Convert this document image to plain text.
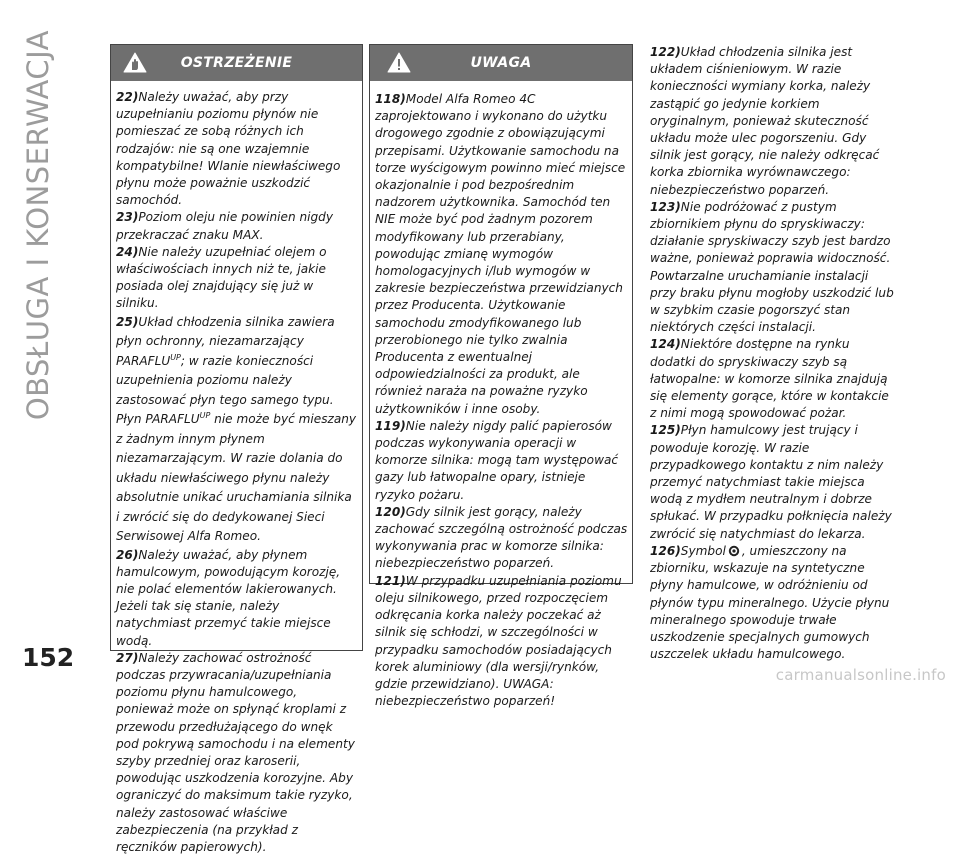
OBSŁUGA I KONSERWACJA	OSTRZEŻENIE

22)Należy uważać, aby przy uzupełnianiu poziomu płynów nie pomieszać ze sobą różnych ich rodzajów: nie są one wzajemnie kompatybilne! Wlanie niewłaściwego płynu może poważnie uszkodzić samochód.

23)Poziom oleju nie powinien nigdy przekraczać znaku MAX.

24)Nie należy uzupełniać olejem o właściwościach innych niż te, jakie posiada olej znajdujący się już w silniku.

25)Układ chłodzenia silnika zawiera płyn ochronny, niezamarzający $PARAFLU^{UP}$; w razie konieczności uzupełnienia poziomu należy zastosować płyn tego samego typu. Płyn $PARAFLU^{UP}$ nie może być mieszany z żadnym innym płynem niezamarzającym. W razie dolania do układu niewłaściwego płynu należy absolutnie unikać uruchamiania silnika i zwrócić się do dedykowanej Sieci Serwisowej Alfa Romeo.

26)Należy uważać, aby płynem hamulcowym, powodującym korozję, nie polać elementów lakierowanych. Jeżeli tak się stanie, należy natychmiast przemyć takie miejsce wodą.

27)Należy zachować ostrożność podczas przywracania/uzupełniania poziomu płynu hamulcowego, ponieważ może on spłynąć kroplami z przewodu przedłużającego do wnęk pod pokrywą samochodu i na elementy szyby przedniej oraz karoserii, powodując uszkodzenia korozyjne. Aby ograniczyć do maksimum takie ryzyko, należy zastosować właściwe zabezpieczenia (na przykład z ręczników papierowych).

UWAGA

118)Model Alfa Romeo 4C zaprojektowano i wykonano do użytku drogowego zgodnie z obowiązującymi przepisami. Użytkowanie samochodu na torze wyścigowym powinno mieć miejsce okazjonalnie i pod bezpośrednim nadzorem użytkownika. Samochód ten NIE może być pod żadnym pozorem modyfikowany lub przerabiany, powodując zmianę wymogów homologacyjnych i/lub wymogów w zakresie bezpieczeństwa przewidzianych przez Producenta. Użytkowanie samochodu zmodyfikowanego lub przerobionego nie tylko zwalnia Producenta z ewentualnej odpowiedzialności za produkt, ale również naraża na poważne ryzyko użytkowników i inne osoby.

119)Nie należy nigdy palić papierosów podczas wykonywania operacji w komorze silnika: mogą tam występować gazy lub łatwopalne opary, istnieje ryzyko pożaru.

120)Gdy silnik jest gorący, należy zachować szczególną ostrożność podczas wykonywania prac w komorze silnika: niebezpieczeństwo poparzeń.

121)W przypadku uzupełniania poziomu oleju silnikowego, przed rozpoczęciem odkręcania korka należy poczekać aż silnik się schłodzi, w szczególności w przypadku samochodów posiadających korek aluminiowy (dla wersji/rynków, gdzie przewidziano). UWAGA: niebezpieczeństwo poparzeń!

122)Układ chłodzenia silnika jest układem ciśnieniowym. W razie konieczności wymiany korka, należy zastąpić go jedynie korkiem oryginalnym, ponieważ skuteczność układu może ulec pogorszeniu. Gdy silnik jest gorący, nie należy odkręcać korka zbiornika wyrównawczego: niebezpieczeństwo poparzeń.

123)Nie podróżować z pustym zbiornikiem płynu do spryskiwaczy: działanie spryskiwaczy szyb jest bardzo ważne, ponieważ poprawia widoczność. Powtarzalne uruchamianie instalacji przy braku płynu mogłoby uszkodzić lub w szybkim czasie pogorszyć stan niektórych części instalacji.

124)Niektóre dostępne na rynku dodatki do spryskiwaczy szyb są łatwopalne: w komorze silnika znajdują się elementy gorące, które w kontakcie z nimi mogą spowodować pożar.

125)Płyn hamulcowy jest trujący i powoduje korozję. W razie przypadkowego kontaktu z nim należy przemyć natychmiast takie miejsca wodą z mydłem neutralnym i dobrze spłukać. W przypadku połknięcia należy zwrócić się natychmiast do lekarza.

126)Symbol , umieszczony na zbiorniku, wskazuje na syntetyczne płyny hamulcowe, w odróżnieniu od płynów typu mineralnego. Użycie płynu mineralnego spowoduje trwałe uszkodzenie specjalnych gumowych uszczelek układu hamulcowego.

152
carmanualsonline.info
